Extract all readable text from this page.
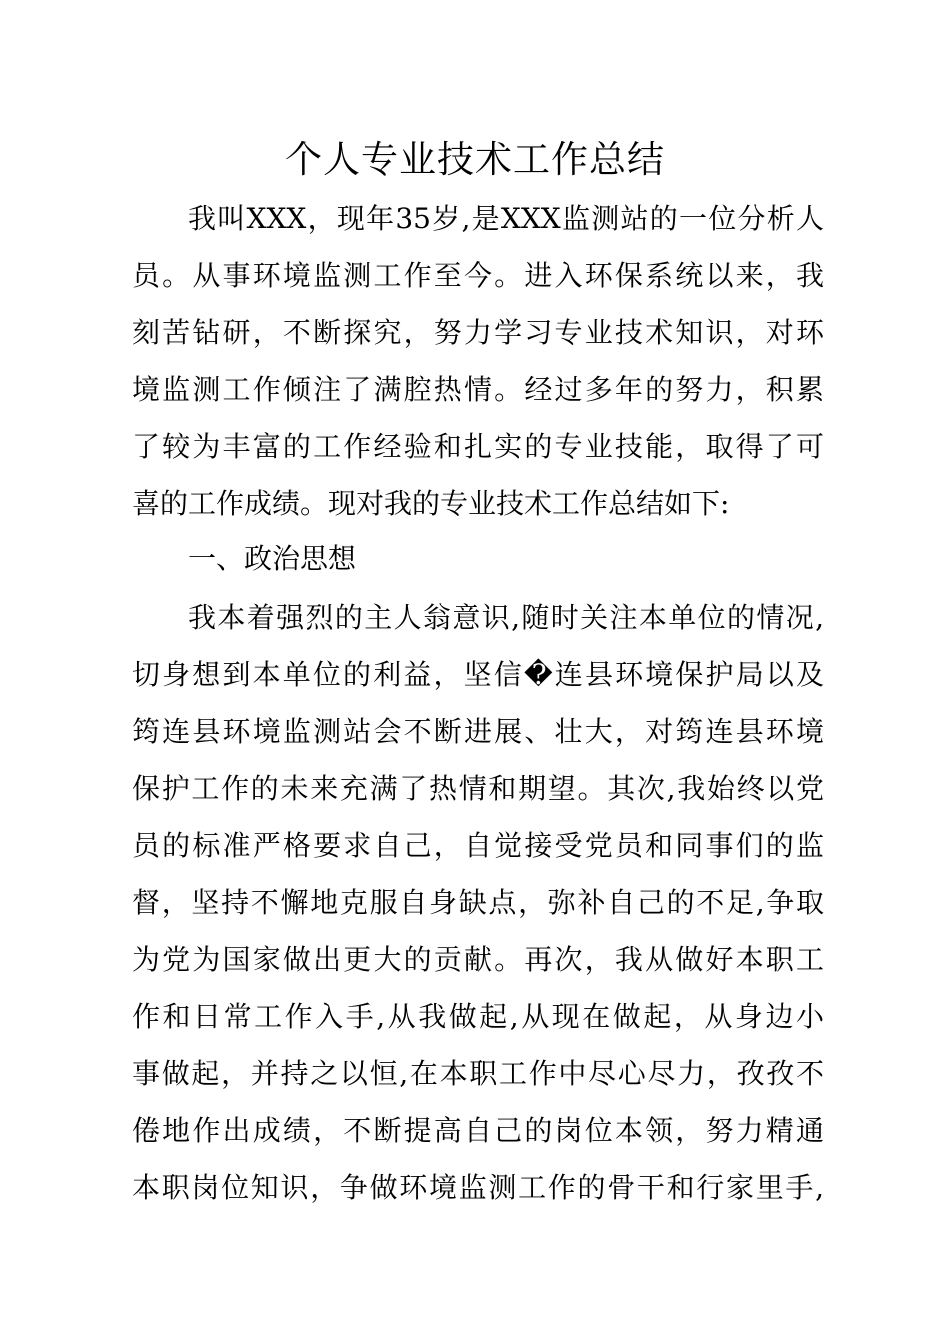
个人专业技术工作总结
我叫XXX，现年35岁,是XXX监测站的一位分析人
员。从事环境监测工作至今。进入环保系统以来，我
刻苦钻研，不断探究，努力学习专业技术知识，对环
境监测工作倾注了满腔热情。经过多年的努力，积累
了较为丰富的工作经验和扎实的专业技能，取得了可
喜的工作成绩。现对我的专业技术工作总结如下:
一、政治思想
我本着强烈的主人翁意识,随时关注本单位的情况,
切身想到本单位的利益，坚信�连县环境保护局以及
筠连县环境监测站会不断进展、壮大，对筠连县环境
保护工作的未来充满了热情和期望。其次,我始终以党
员的标准严格要求自己，自觉接受党员和同事们的监
督，坚持不懈地克服自身缺点，弥补自己的不足,争取
为党为国家做出更大的贡献。再次，我从做好本职工
作和日常工作入手,从我做起,从现在做起，从身边小
事做起，并持之以恒,在本职工作中尽心尽力，孜孜不
倦地作出成绩，不断提高自己的岗位本领，努力精通
本职岗位知识，争做环境监测工作的骨干和行家里手,
